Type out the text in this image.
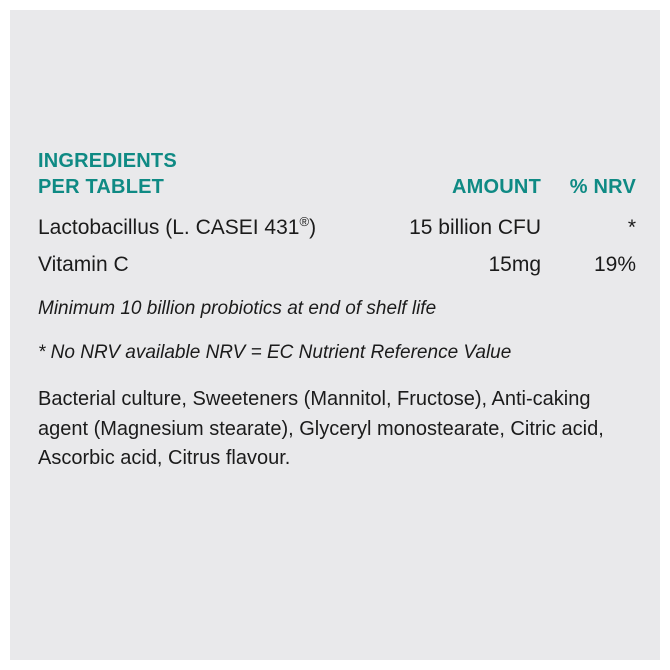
INGREDIENTS
PER TABLET	AMOUNT	% NRV
Lactobacillus (L. CASEI 431®)	15 billion CFU	*
Vitamin C	15mg	19%
Minimum 10 billion probiotics at end of shelf life
* No NRV available NRV = EC Nutrient Reference Value
Bacterial culture, Sweeteners (Mannitol, Fructose), Anti-caking agent (Magnesium stearate), Glyceryl monostearate, Citric acid, Ascorbic acid, Citrus flavour.
